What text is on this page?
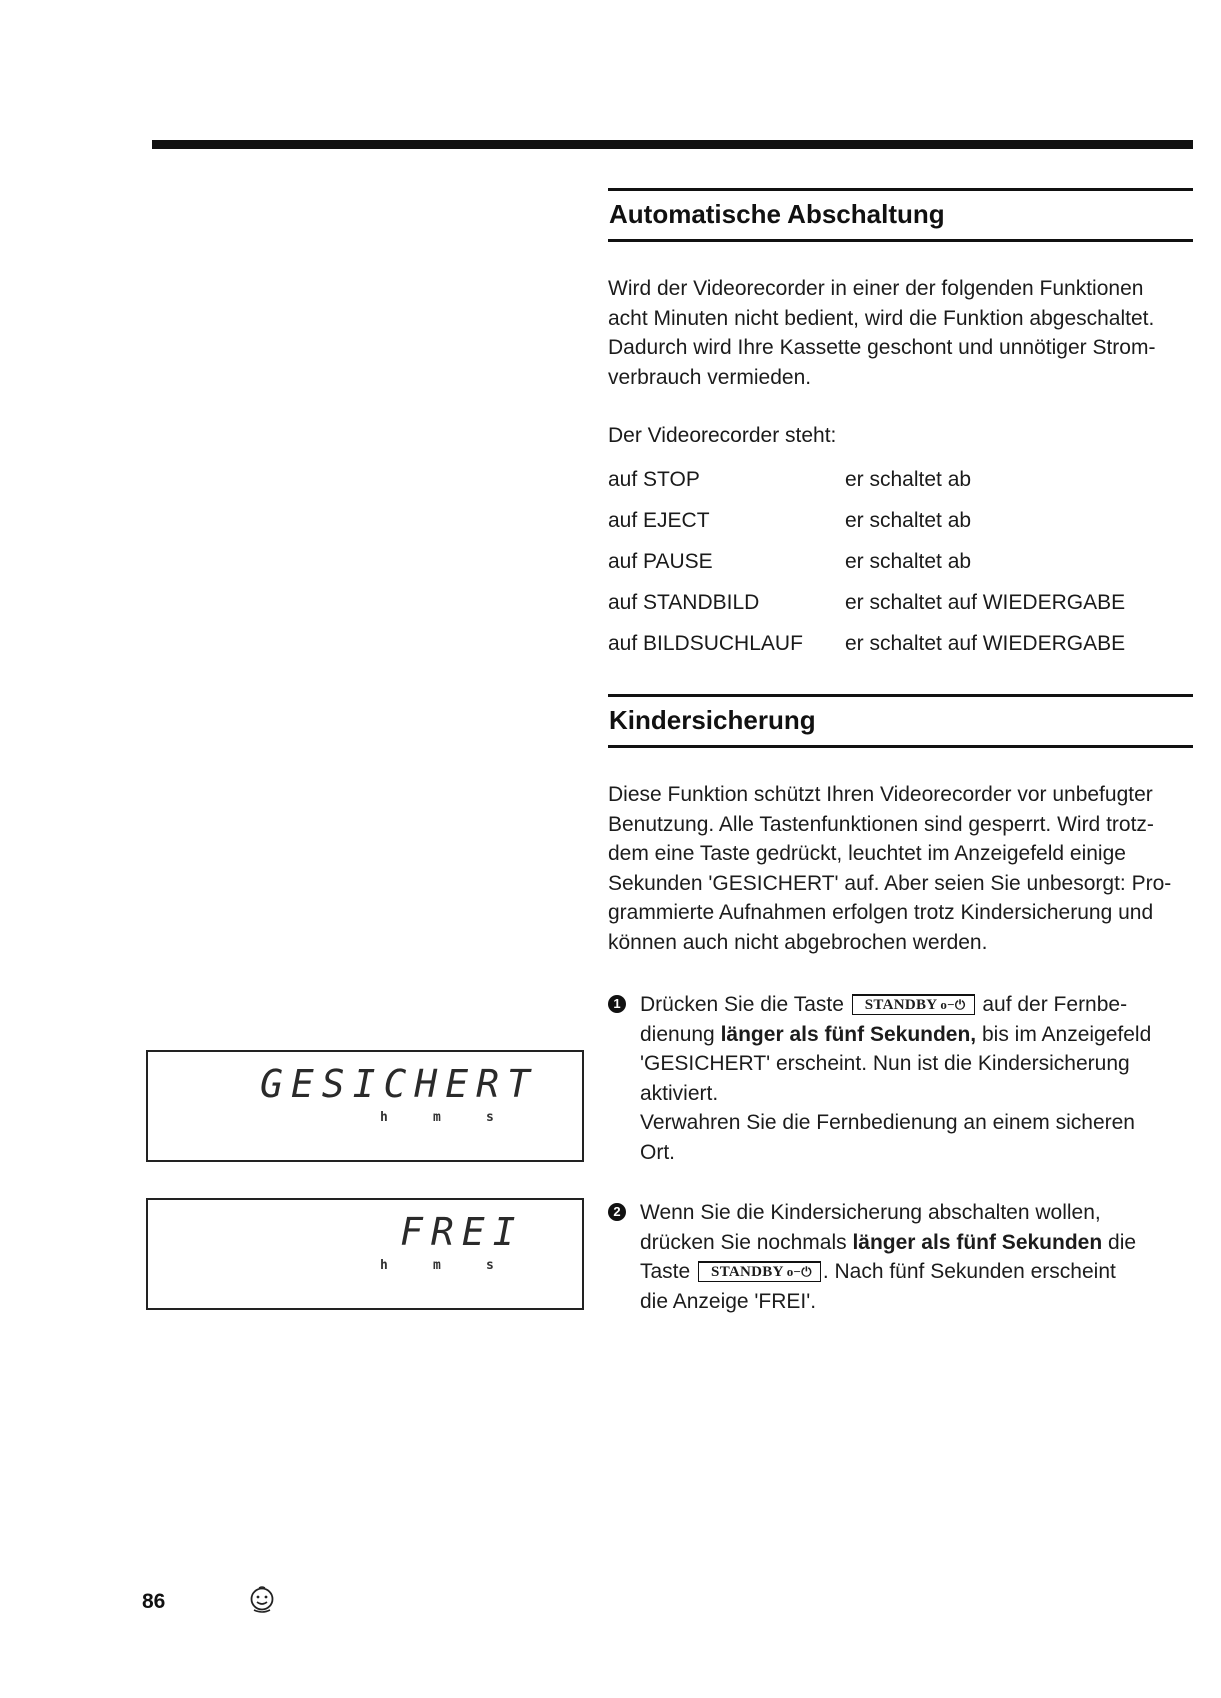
Automatische Abschaltung

Wird der Videorecorder in einer der folgenden Funktionen

acht Minuten nicht bedient, wird die Funktion abgeschaltet.

Dadurch wird Ihre Kassette geschont und unnötiger Strom-

verbrauch vermieden.

Der Videorecorder steht:

auf STOP	er schaltet ab
auf EJECT	er schaltet ab
auf PAUSE	er schaltet ab
auf STANDBILD	er schaltet auf WIEDERGABE
auf BILDSUCHLAUF	er schaltet auf WIEDERGABE
Kindersicherung

Diese Funktion schützt Ihren Videorecorder vor unbefugter

Benutzung. Alle Tastenfunktionen sind gesperrt. Wird trotz-

dem eine Taste gedrückt, leuchtet im Anzeigefeld einige

Sekunden 'GESICHERT' auf. Aber seien Sie unbesorgt: Pro-

grammierte Aufnahmen erfolgen trotz Kindersicherung und

können auch nicht abgebrochen werden.

1 Drücken Sie die Taste STANDBY o−⏻ auf der Fernbe-
dienung länger als fünf Sekunden, bis im Anzeigefeld
'GESICHERT' erscheint. Nun ist die Kindersicherung
aktiviert.
Verwahren Sie die Fernbedienung an einem sicheren
Ort.
2 Wenn Sie die Kindersicherung abschalten wollen,
drücken Sie nochmals länger als fünf Sekunden die
Taste STANDBY o−⏻ . Nach fünf Sekunden erscheint
die Anzeige 'FREI'.
GESICHERT
h	m	s
FREI
h	m	s
86
